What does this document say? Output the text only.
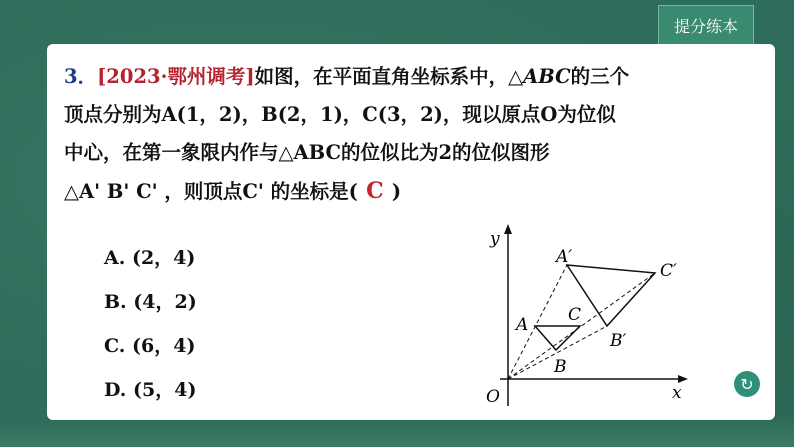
提分练本
3．[2023·鄂州调考]如图，在平面直角坐标系中，△ABC的三个
顶点分别为A(1，2)，B(2，1)，C(3，2)，现以原点O为位似
中心，在第一象限内作与△ABC的位似比为2的位似图形
△A' B' C' ，则顶点C' 的坐标是( C )
A. (2，4)
B. (4，2)
C. (6，4)
D. (5，4)
y
x
O
A
B
C
A′
B′
C′
↻
